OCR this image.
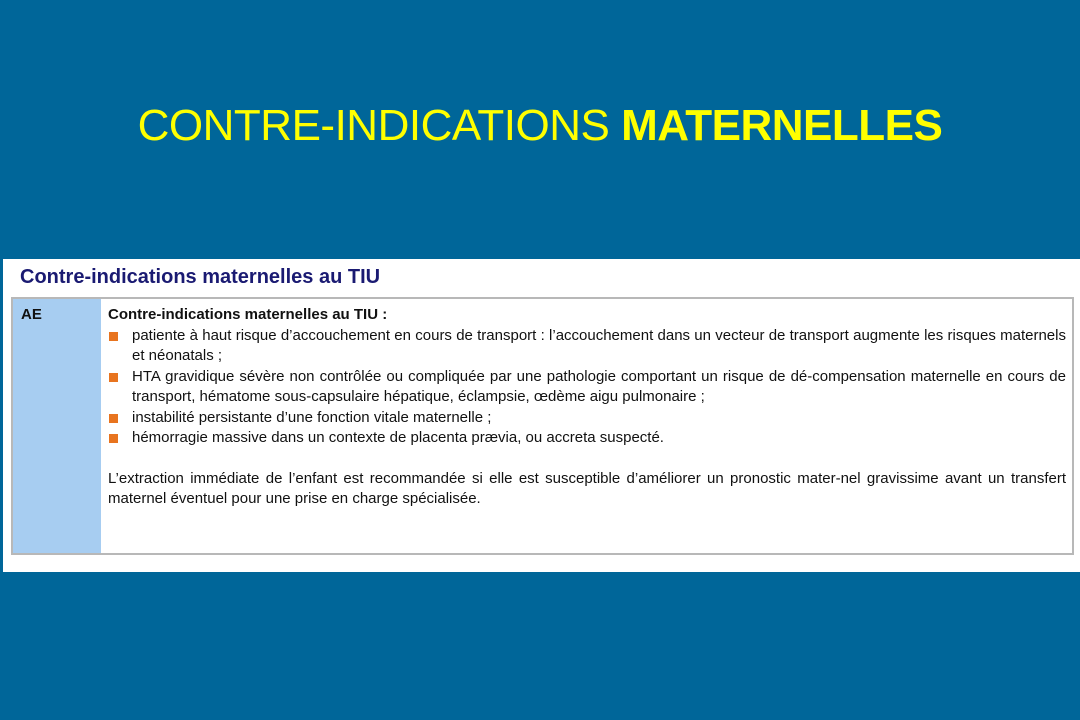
CONTRE-INDICATIONS MATERNELLES
Contre-indications maternelles au TIU
AE	Contre-indications maternelles au TIU :
patiente à haut risque d’accouchement en cours de transport : l’accouchement dans un vecteur de transport augmente les risques maternels et néonatals ;
HTA gravidique sévère non contrôlée ou compliquée par une pathologie comportant un risque de dé-compensation maternelle en cours de transport, hématome sous-capsulaire hépatique, éclampsie, œdème aigu pulmonaire ;
instabilité persistante d’une fonction vitale maternelle ;
hémorragie massive dans un contexte de placenta prævia, ou accreta suspecté.
L’extraction immédiate de l’enfant est recommandée si elle est susceptible d’améliorer un pronostic mater-nel gravissime avant un transfert maternel éventuel pour une prise en charge spécialisée.
